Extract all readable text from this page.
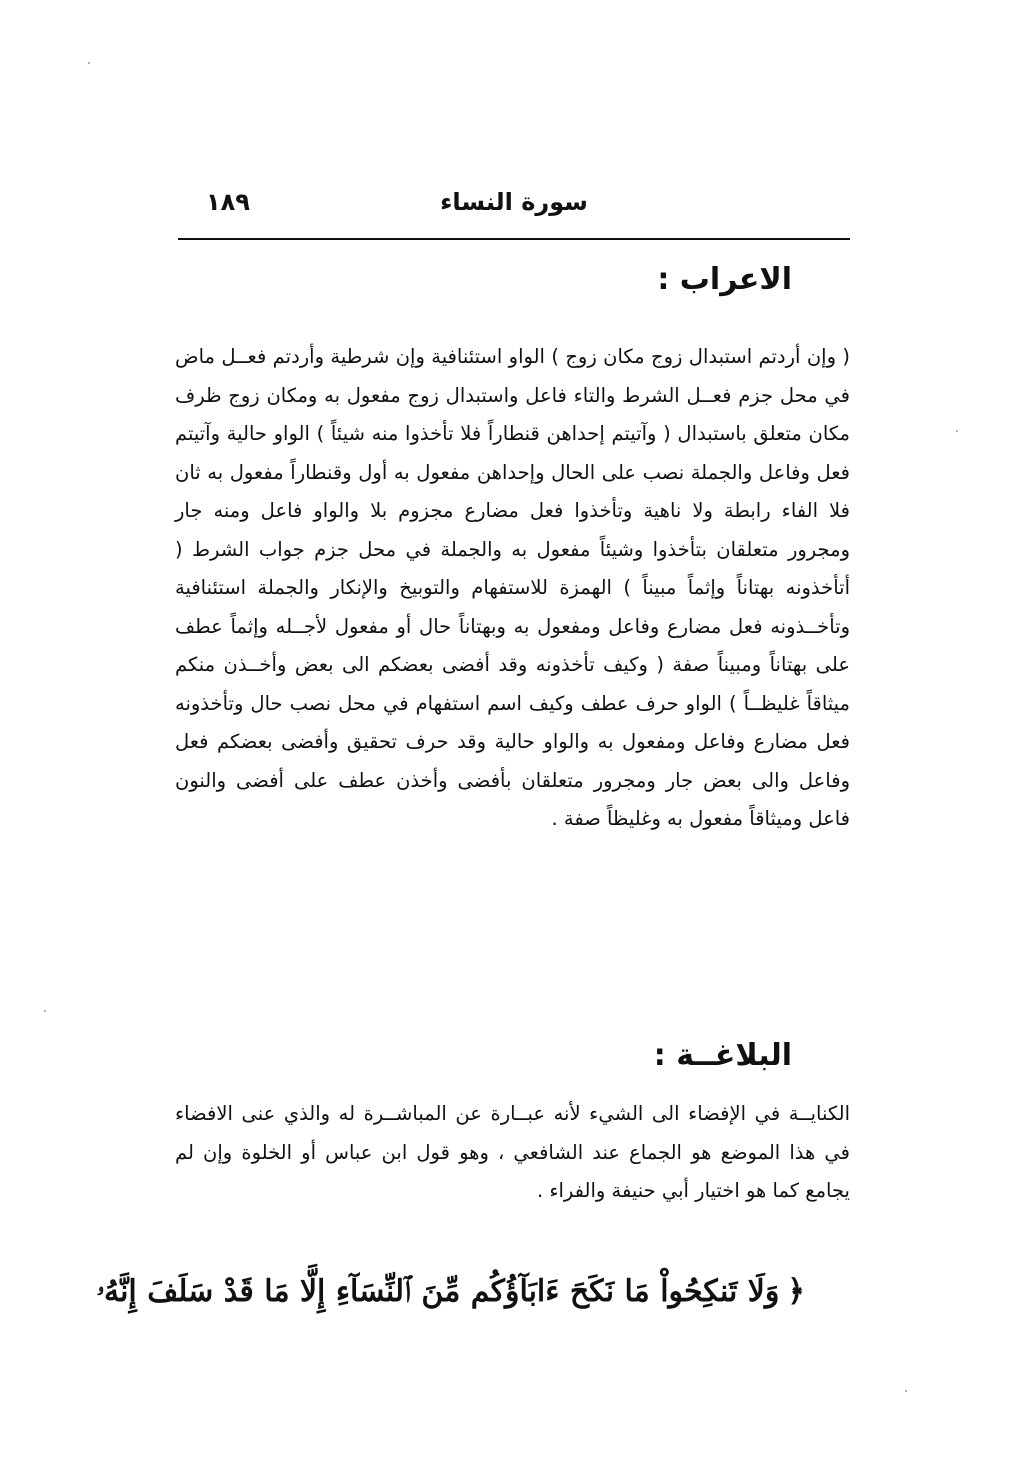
سورة النساء
١٨٩
الاعراب :

( وإن أردتم استبدال زوج مكان زوج ) الواو استئنافية وإن شرطية وأردتم فعــل ماض في محل جزم فعــل الشرط والتاء فاعل واستبدال زوج مفعول به ومكان زوج ظرف مكان متعلق باستبدال ( وآتيتم إحداهن قنطاراً فلا تأخذوا منه شيئاً ) الواو حالية وآتيتم فعل وفاعل والجملة نصب على الحال وإحداهن مفعول به أول وقنطاراً مفعول به ثان فلا الفاء رابطة ولا ناهية وتأخذوا فعل مضارع مجزوم بلا والواو فاعل ومنه جار ومجرور متعلقان بتأخذوا وشيئاً مفعول به والجملة في محل جزم جواب الشرط ( أتأخذونه بهتاناً وإثماً مبيناً ) الهمزة للاستفهام والتوبيخ والإنكار والجملة استئنافية وتأخــذونه فعل مضارع وفاعل ومفعول به وبهتاناً حال أو مفعول لأجــله وإثماً عطف على بهتاناً ومبيناً صفة ( وكيف تأخذونه وقد أفضى بعضكم الى بعض وأخــذن منكم ميثاقاً غليظــاً ) الواو حرف عطف وكيف اسم استفهام في محل نصب حال وتأخذونه فعل مضارع وفاعل ومفعول به والواو حالية وقد حرف تحقيق وأفضى بعضكم فعل وفاعل والى بعض جار ومجرور متعلقان بأفضى وأخذن عطف على أفضى والنون فاعل وميثاقاً مفعول به وغليظاً صفة .

البلاغــة :

الكنايــة في الإفضاء الى الشيء لأنه عبــارة عن المباشــرة له والذي عنى الافضاء في هذا الموضع هو الجماع عند الشافعي ، وهو قول ابن عباس أو الخلوة وإن لم يجامع كما هو اختيار أبي حنيفة والفراء .

﴿وَلَا تَنكِحُواْ مَا نَكَحَ ءَابَآؤُكُم مِّنَ ٱلنِّسَآءِ إِلَّا مَا قَدْ سَلَفَ إِنَّهُۥ
